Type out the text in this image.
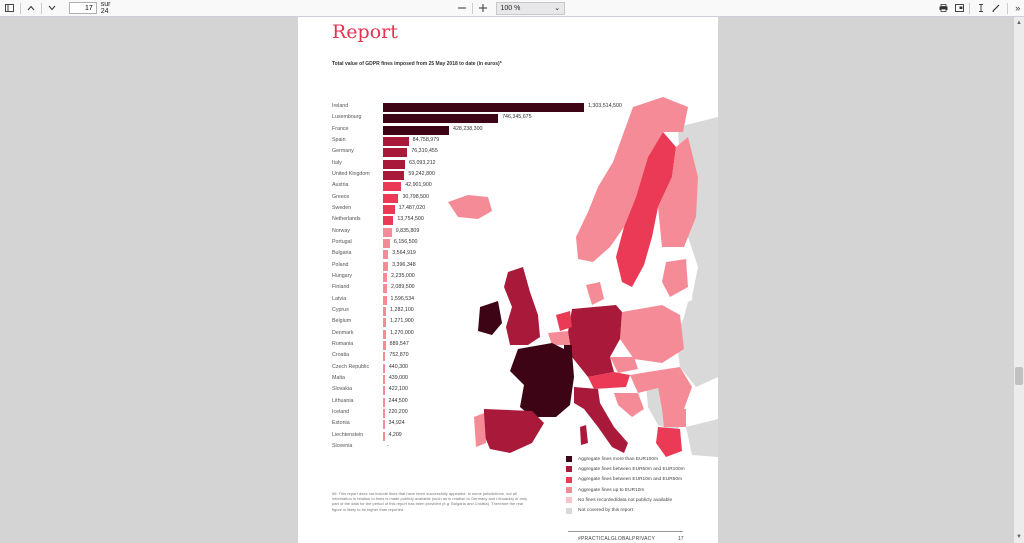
17
sur 24	100 %	⌄	»
▲
▼
Report
Total value of GDPR fines imposed from 25 May 2018 to date (in euros)*
Ireland	1,303,514,500
Luxembourg	746,345,675
France	428,238,300
Spain	84,758,979
Germany	76,310,455
Italy	63,093,212
United Kingdom	59,242,800
Austria	42,901,900
Greece	30,798,500
Sweden	17,487,020
Netherlands	13,754,500
Norway	9,835,809
Portugal	6,156,500
Bulgaria	3,564,919
Poland	3,396,348
Hungary	2,235,000
Finland	2,089,500
Latvia	1,596,534
Cyprus	1,282,100
Belgium	1,271,900
Denmark	1,270,000
Romania	889,547
Croatia	752,870
Czech Republic	440,300
Malta	439,000
Slovakia	422,100
Lithuania	244,500
Iceland	220,200
Estonia	34,924
Liechtenstein	4,209
Slovenia	-
Aggregate fines more than EUR100m
Aggregate fines between EUR50m and EUR100m
Aggregate fines between EUR10m and EUR50m
Aggregate fines up to EUR10m
No fines recorded/data not publicly available
Not covered by this report
56. This report does not include fines that have been successfully appealed. In some jurisdictions, not all information in relation to fines is made publicly available (such as in relation to Germany and Lithuania) or only part of the data for the period of this report has been provided (e.g. Bulgaria and Croatia). Therefore the real figure is likely to be higher than reported.
#PRACTICALGLOBALPRIVACY	17
